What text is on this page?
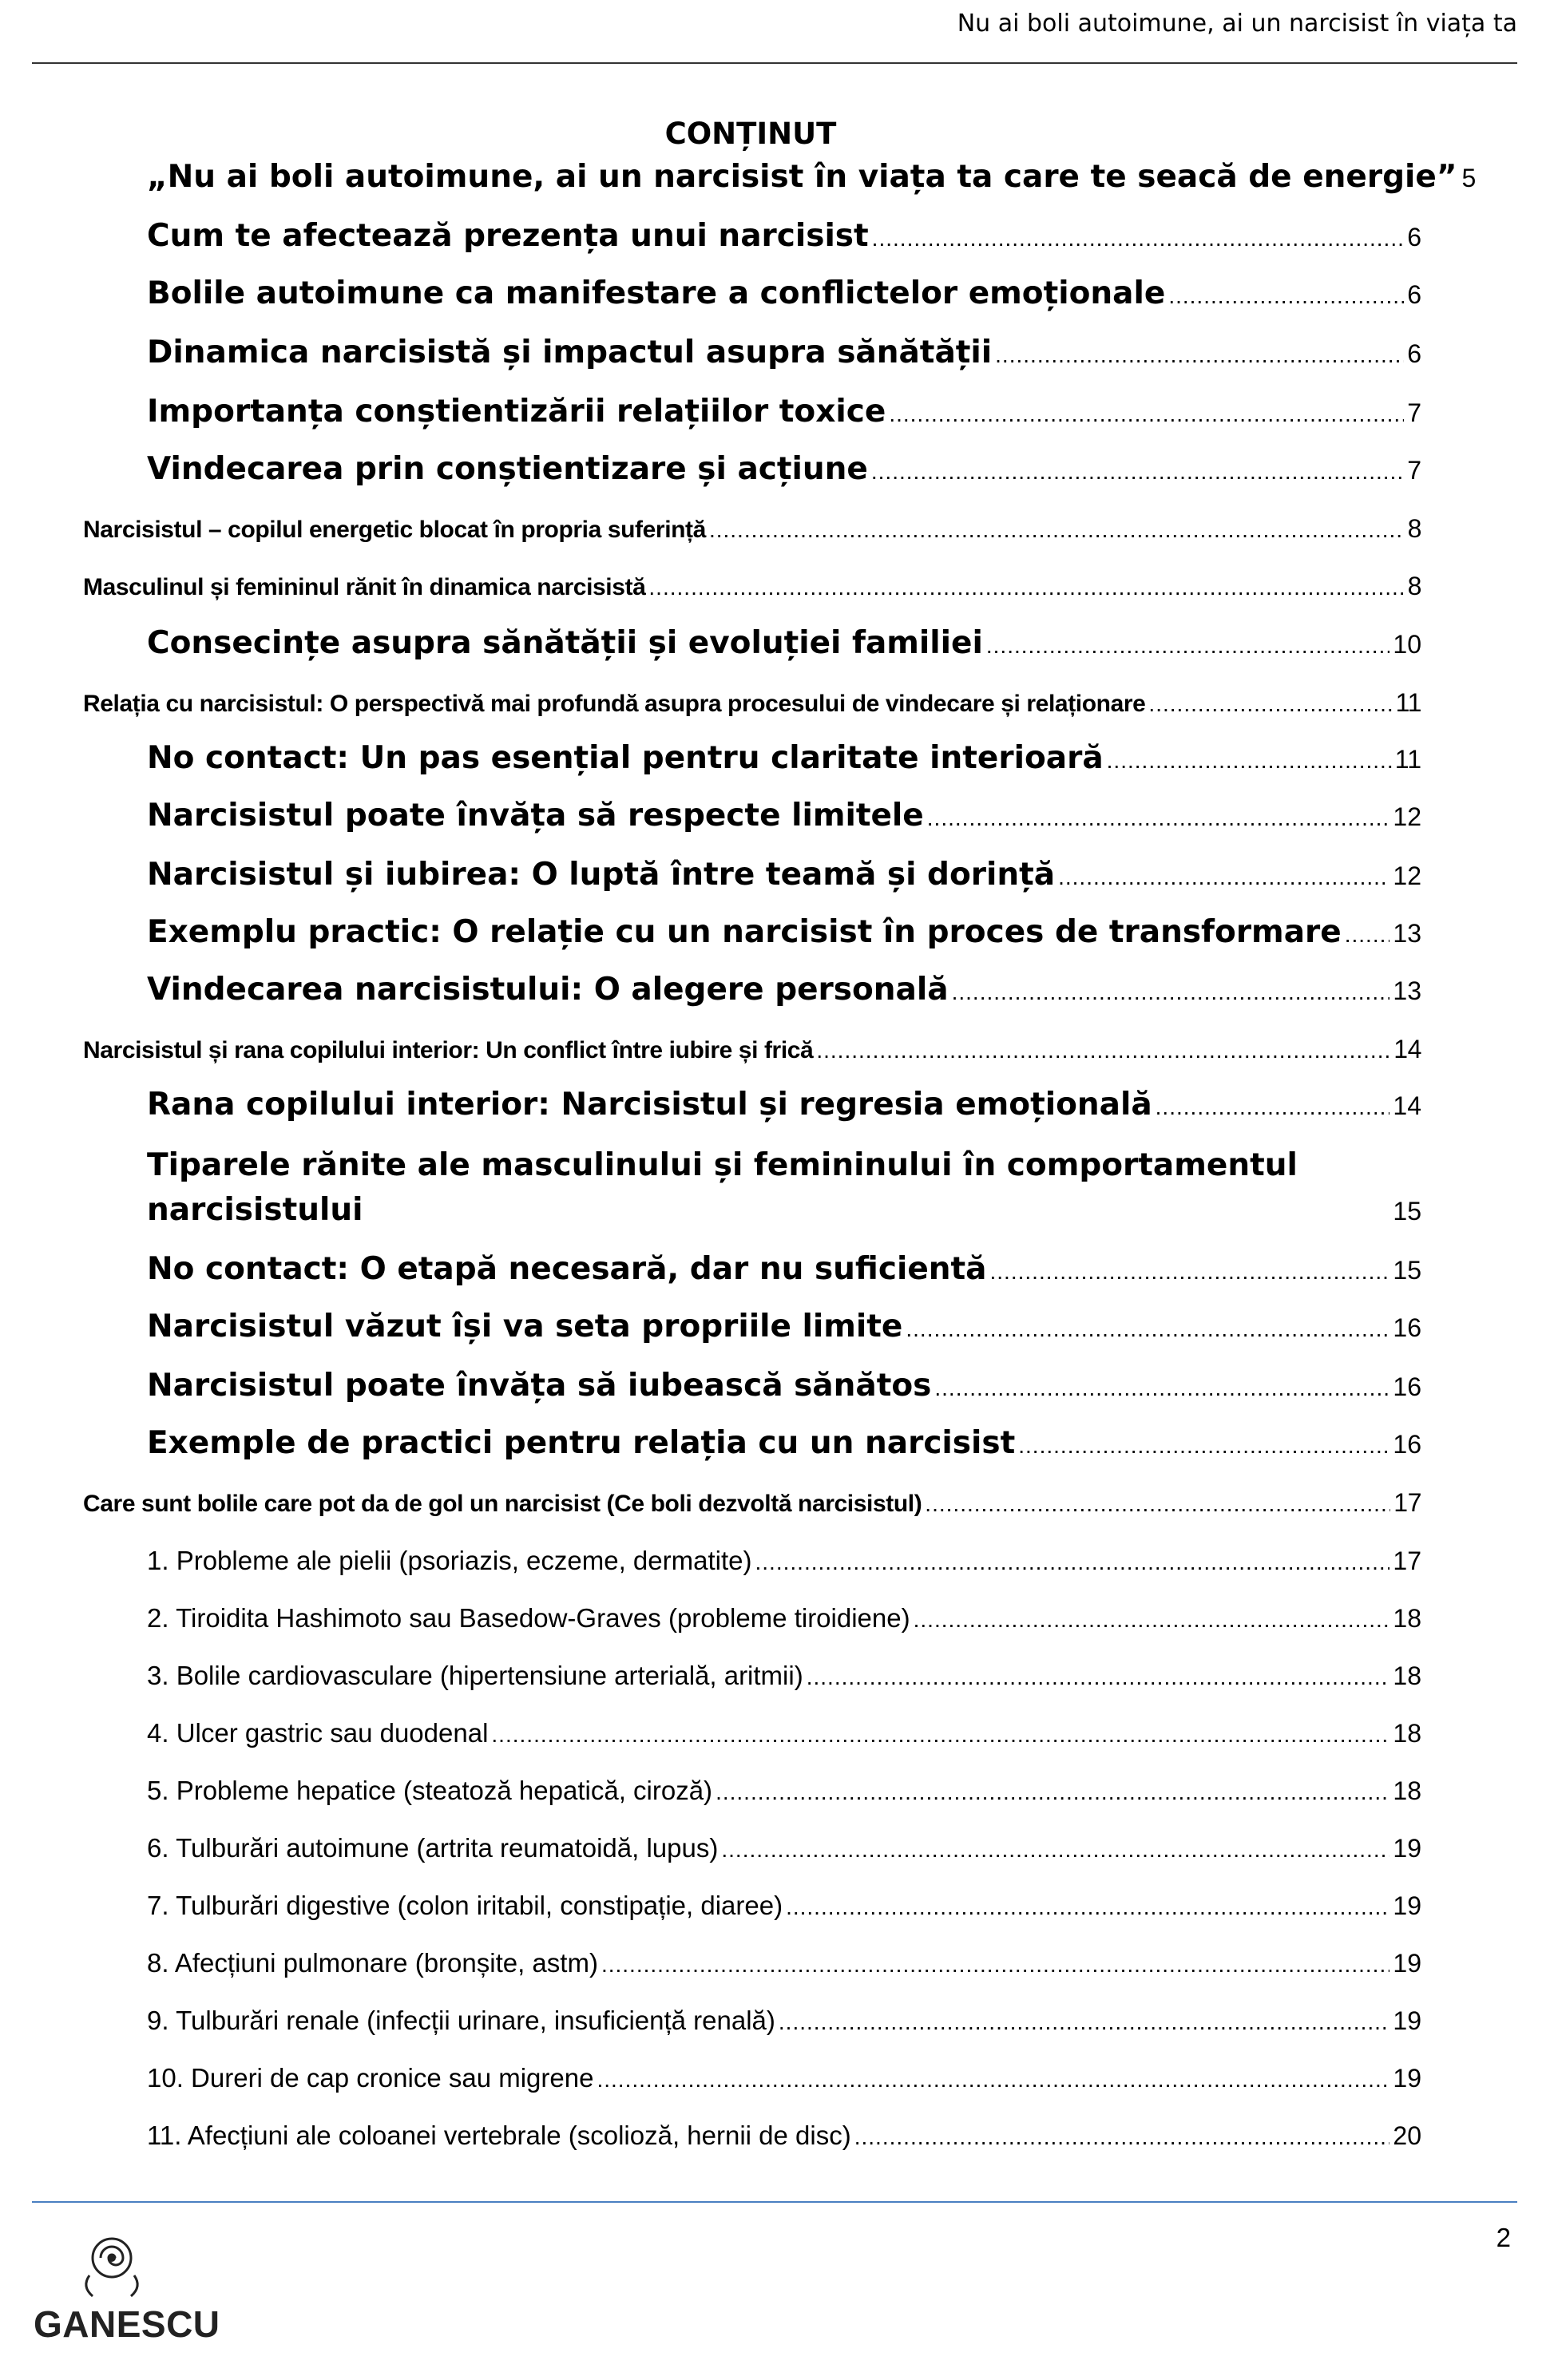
Nu ai boli autoimune, ai un narcisist în viața ta
CONȚINUT
„Nu ai boli autoimune, ai un narcisist în viața ta care te seacă de energie” 5
Cum te afectează prezența unui narcisist .....	6
Bolile autoimune ca manifestare a conflictelor emoționale .....	6
Dinamica narcisistă și impactul asupra sănătății .....	6
Importanța conștientizării relațiilor toxice .....	7
Vindecarea prin conștientizare și acțiune .....	7
Narcisistul – copilul energetic blocat în propria suferință .....	8
Masculinul și femininul rănit în dinamica narcisistă .....	8
Consecințe asupra sănătății și evoluției familiei .....	10
Relația cu narcisistul: O perspectivă mai profundă asupra procesului de vindecare și relaționare .....	11
No contact: Un pas esențial pentru claritate interioară .....	11
Narcisistul poate învăța să respecte limitele .....	12
Narcisistul și iubirea: O luptă între teamă și dorință .....	12
Exemplu practic: O relație cu un narcisist în proces de transformare ..... 13
Vindecarea narcisistului: O alegere personală .....	13
Narcisistul și rana copilului interior: Un conflict între iubire și frică .....	14
Rana copilului interior: Narcisistul și regresia emoțională .....	14
Tiparele rănite ale masculinului și femininului în comportamentul
narcisistului	15
No contact: O etapă necesară, dar nu suficientă .....	15
Narcisistul văzut își va seta propriile limite .....	16
Narcisistul poate învăța să iubească sănătos .....	16
Exemple de practici pentru relația cu un narcisist .....	16
Care sunt bolile care pot da de gol un narcisist (Ce boli dezvoltă narcisistul) .....	17
1. Probleme ale pielii (psoriazis, eczeme, dermatite) .....	17
2. Tiroidita Hashimoto sau Basedow-Graves (probleme tiroidiene) .....	18
3. Bolile cardiovasculare (hipertensiune arterială, aritmii) .....	18
4. Ulcer gastric sau duodenal .....	18
5. Probleme hepatice (steatoză hepatică, ciroză) .....	18
6. Tulburări autoimune (artrita reumatoidă, lupus) .....	19
7. Tulburări digestive (colon iritabil, constipație, diaree) .....	19
8. Afecțiuni pulmonare (bronșite, astm) .....	19
9. Tulburări renale (infecții urinare, insuficiență renală) .....	19
10. Dureri de cap cronice sau migrene .....	19
11. Afecțiuni ale coloanei vertebrale (scolioză, hernii de disc) .....	20
2
GANESCU
